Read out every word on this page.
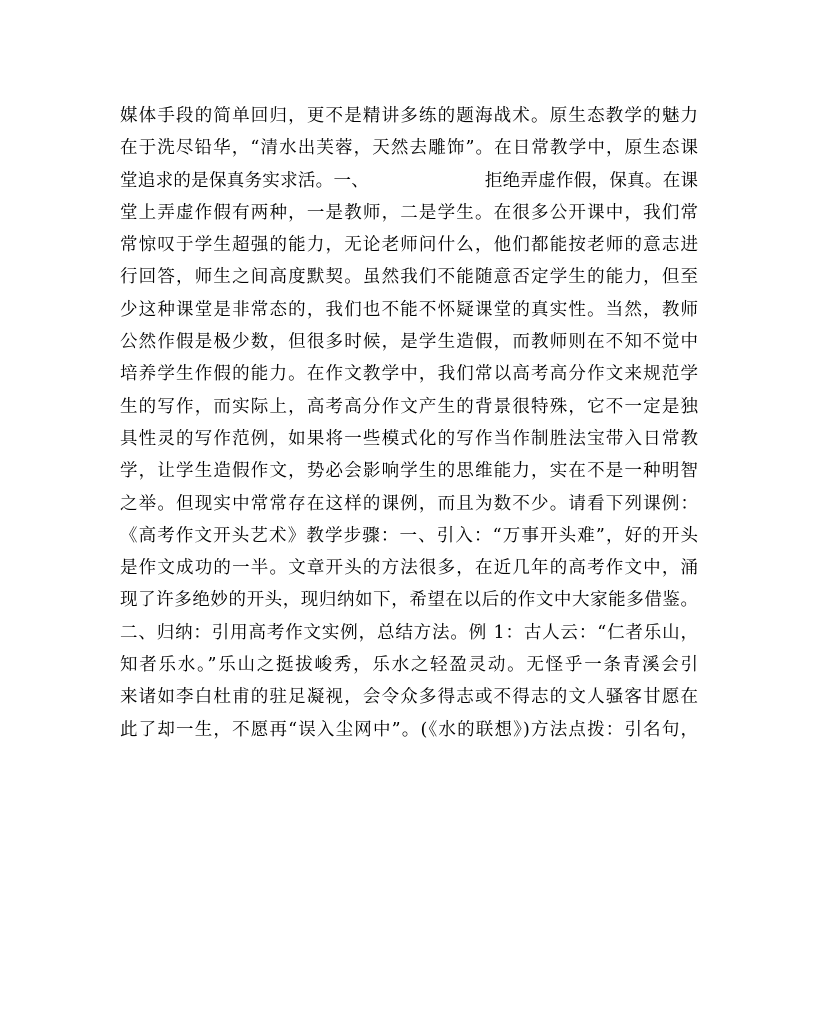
媒体手段的简单回归，更不是精讲多练的题海战术。原生态教学的魅力
在于洗尽铅华，“清水出芙蓉，天然去雕饰”。在日常教学中，原生态课
堂追求的是保真务实求活。一、　　　　　　　拒绝弄虚作假，保真。在课
堂上弄虚作假有两种，一是教师，二是学生。在很多公开课中，我们常
常惊叹于学生超强的能力，无论老师问什么，他们都能按老师的意志进
行回答，师生之间高度默契。虽然我们不能随意否定学生的能力，但至
少这种课堂是非常态的，我们也不能不怀疑课堂的真实性。当然，教师
公然作假是极少数，但很多时候，是学生造假，而教师则在不知不觉中
培养学生作假的能力。在作文教学中，我们常以高考高分作文来规范学
生的写作，而实际上，高考高分作文产生的背景很特殊，它不一定是独
具性灵的写作范例，如果将一些模式化的写作当作制胜法宝带入日常教
学，让学生造假作文，势必会影响学生的思维能力，实在不是一种明智
之举。但现实中常常存在这样的课例，而且为数不少。请看下列课例：
《高考作文开头艺术》教学步骤：一、引入：“万事开头难”，好的开头
是作文成功的一半。文章开头的方法很多，在近几年的高考作文中，涌
现了许多绝妙的开头，现归纳如下，希望在以后的作文中大家能多借鉴。
二、归纳：引用高考作文实例，总结方法。例 1：古人云：“仁者乐山，
知者乐水。”乐山之挺拔峻秀，乐水之轻盈灵动。无怪乎一条青溪会引
来诸如李白杜甫的驻足凝视，会令众多得志或不得志的文人骚客甘愿在
此了却一生，不愿再“误入尘网中”。(《水的联想》)方法点拨：引名句，
